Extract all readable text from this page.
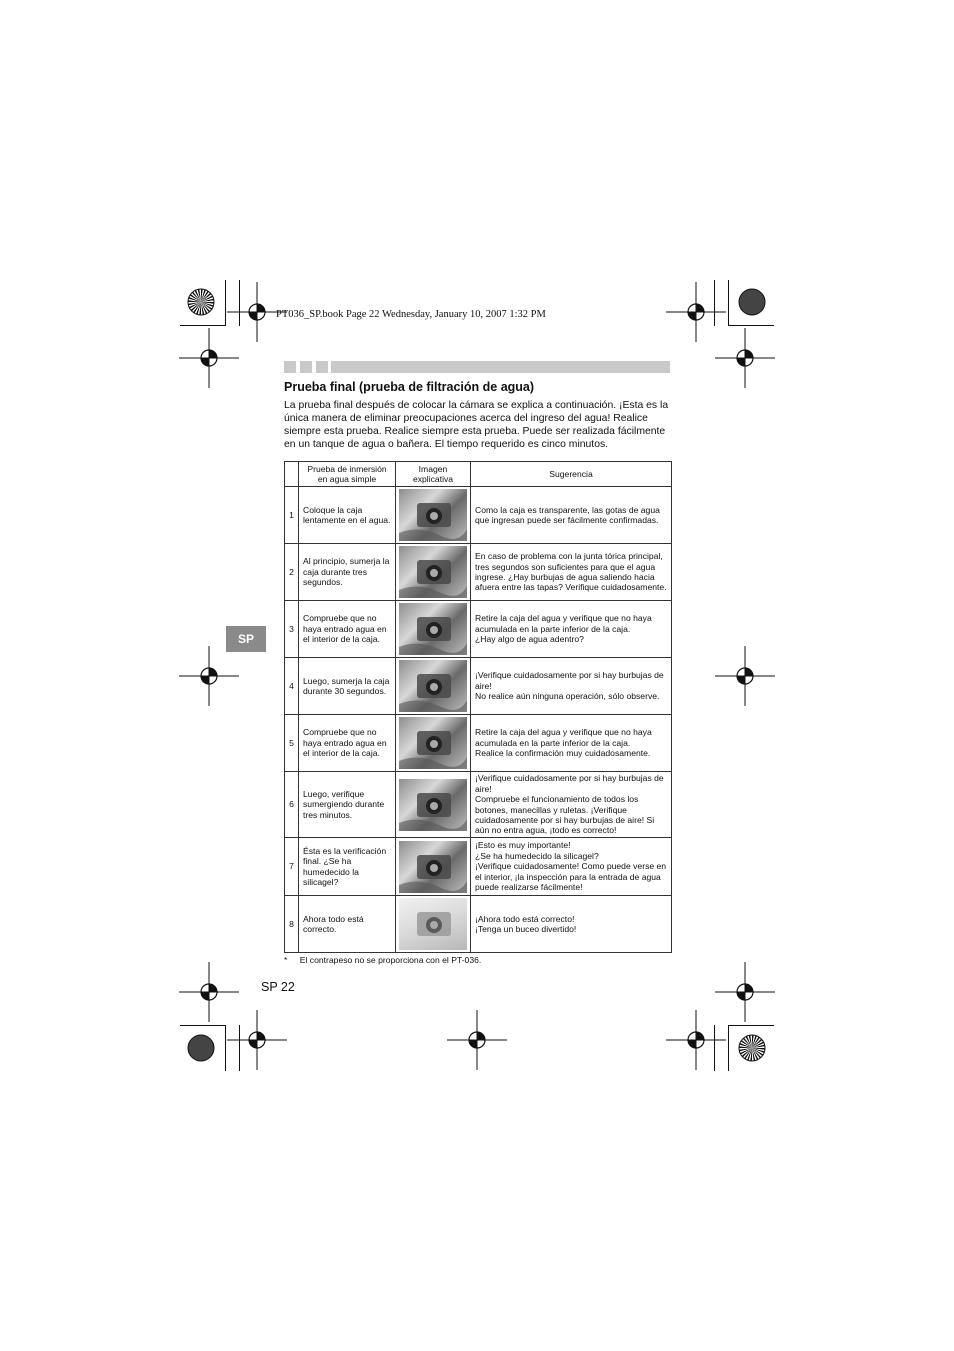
PT036_SP.book Page 22 Wednesday, January 10, 2007 1:32 PM
Prueba final (prueba de filtración de agua)
La prueba final después de colocar la cámara se explica a continuación. ¡Esta es la única manera de eliminar preocupaciones acerca del ingreso del agua! Realice siempre esta prueba. Realice siempre esta prueba. Puede ser realizada fácilmente en un tanque de agua o bañera. El tiempo requerido es cinco minutos.
SP
	Prueba de inmersión en agua simple	Imagen explicativa	Sugerencia
1	Coloque la caja lentamente en el agua.		Como la caja es transparente, las gotas de agua que ingresan puede ser fácilmente confirmadas.
2	Al principio, sumerja la caja durante tres segundos.		En caso de problema con la junta tórica principal, tres segundos son suficientes para que el agua ingrese. ¿Hay burbujas de agua saliendo hacia afuera entre las tapas? Verifique cuidadosamente.
3	Compruebe que no haya entrado agua en el interior de la caja.		Retire la caja del agua y verifique que no haya acumulada en la parte inferior de la caja.
¿Hay algo de agua adentro?
4	Luego, sumerja la caja durante 30 segundos.		¡Verifique cuidadosamente por si hay burbujas de aire!
No realice aún ninguna operación, sólo observe.
5	Compruebe que no haya entrado agua en el interior de la caja.		Retire la caja del agua y verifique que no haya acumulada en la parte inferior de la caja.
Realice la confirmación muy cuidadosamente.
6	Luego, verifique sumergiendo durante tres minutos.		¡Verifique cuidadosamente por si hay burbujas de aire!
Compruebe el funcionamiento de todos los botones, manecillas y ruletas. ¡Verifique cuidadosamente por si hay burbujas de aire! Si aún no entra agua, ¡todo es correcto!
7	Ésta es la verificación final. ¿Se ha humedecido la silicagel?		¡Esto es muy importante!
¿Se ha humedecido la silicagel?
¡Verifique cuidadosamente! Como puede verse en el interior, ¡la inspección para la entrada de agua puede realizarse fácilmente!
8	Ahora todo está correcto.		¡Ahora todo está correcto!
¡Tenga un buceo divertido!
* El contrapeso no se proporciona con el PT-036.
SP 22
